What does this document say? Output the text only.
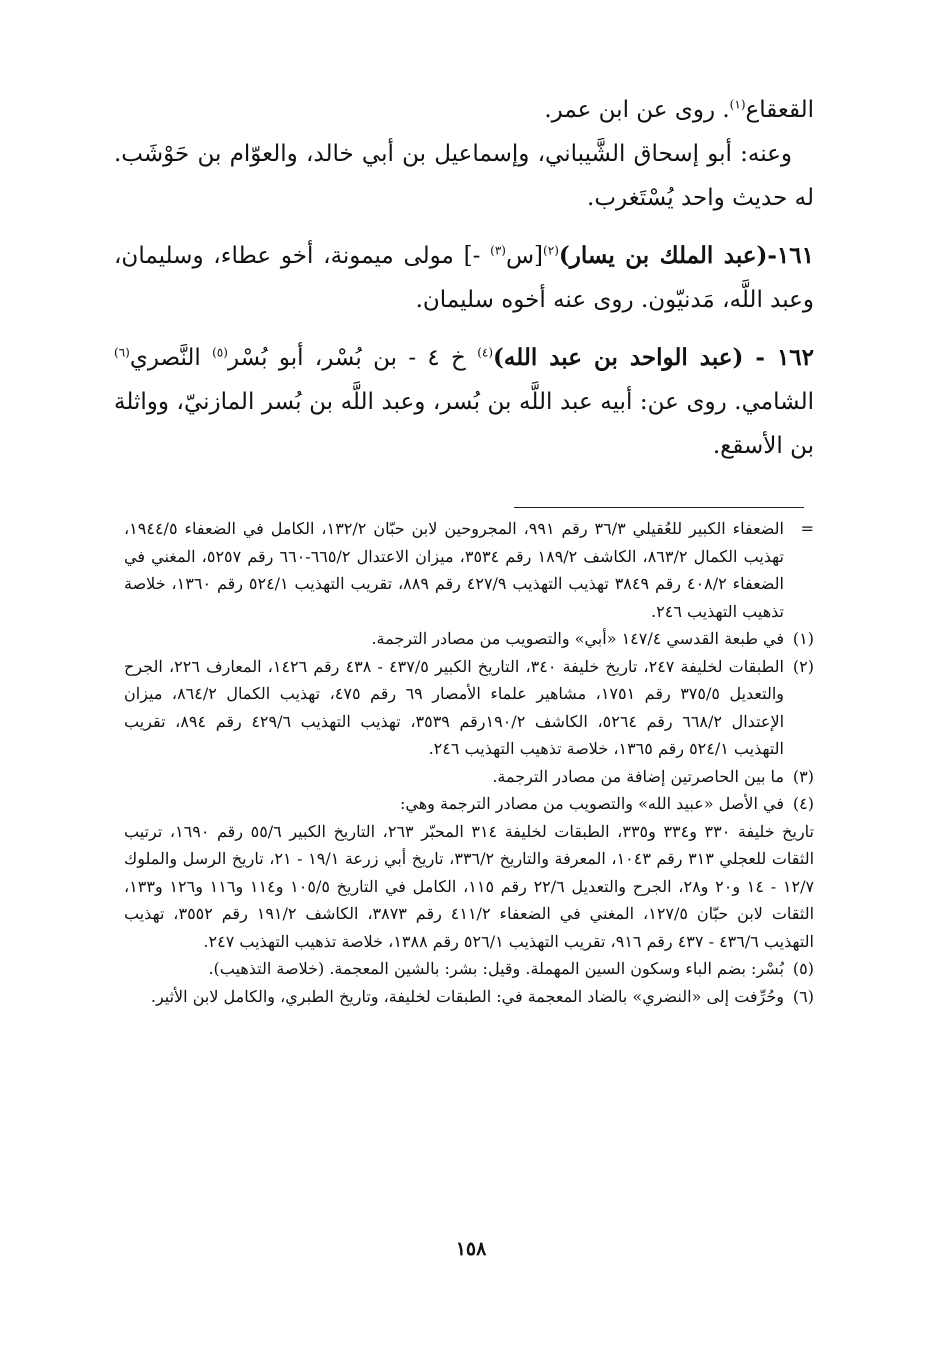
القعقاع$^{(١)}$. روى عن ابن عمر.

وعنه: أبو إسحاق الشَّيباني، وإسماعيل بن أبي خالد، والعوّام بن حَوْشَب. له حديث واحد يُسْتَغرب.

١٦١-(عبد الملك بن يسار)$^{(٢)}$[س$^{(٣)}$ -] مولى ميمونة، أخو عطاء، وسليمان، وعبد اللَّه، مَدنيّون. روى عنه أخوه سليمان.

١٦٢ - (عبد الواحد بن عبد الله)$^{(٤)}$ خ ٤ - بن بُسْر، أبو بُسْر$^{(٥)}$ النَّصري$^{(٦)}$ الشامي. روى عن: أبيه عبد اللَّه بن بُسر، وعبد اللَّه بن بُسر المازنيّ، وواثلة بن الأسقع.

=
الضعفاء الكبير للعُقيلي ٣٦/٣ رقم ٩٩١، المجروحين لابن حبّان ١٣٢/٢، الكامل في الضعفاء ١٩٤٤/٥، تهذيب الكمال ٨٦٣/٢، الكاشف ١٨٩/٢ رقم ٣٥٣٤، ميزان الاعتدال ٦٦٥/٢-٦٦٠ رقم ٥٢٥٧، المغني في الضعفاء ٤٠٨/٢ رقم ٣٨٤٩ تهذيب التهذيب ٤٢٧/٩ رقم ٨٨٩، تقريب التهذيب ٥٢٤/١ رقم ١٣٦٠، خلاصة تذهيب التهذيب ٢٤٦.
(١)
في طبعة القدسي ١٤٧/٤ «أبي» والتصويب من مصادر الترجمة.
(٢)
الطبقات لخليفة ٢٤٧، تاريخ خليفة ٣٤٠، التاريخ الكبير ٤٣٧/٥ - ٤٣٨ رقم ١٤٢٦، المعارف ٢٢٦، الجرح والتعديل ٣٧٥/٥ رقم ١٧٥١، مشاهير علماء الأمصار ٦٩ رقم ٤٧٥، تهذيب الكمال ٨٦٤/٢، ميزان الإعتدال ٦٦٨/٢ رقم ٥٢٦٤، الكاشف ١٩٠/٢رقم ٣٥٣٩، تهذيب التهذيب ٤٢٩/٦ رقم ٨٩٤، تقريب التهذيب ٥٢٤/١ رقم ١٣٦٥، خلاصة تذهيب التهذيب ٢٤٦.
(٣)
ما بين الحاصرتين إضافة من مصادر الترجمة.
(٤)
في الأصل «عبيد الله» والتصويب من مصادر الترجمة وهي:
تاريخ خليفة ٣٣٠ و٣٣٤ و٣٣٥، الطبقات لخليفة ٣١٤ المحبّر ٢٦٣، التاريخ الكبير ٥٥/٦ رقم ١٦٩٠، ترتيب الثقات للعجلي ٣١٣ رقم ١٠٤٣، المعرفة والتاريخ ٣٣٦/٢، تاريخ أبي زرعة ١٩/١ - ٢١، تاريخ الرسل والملوك ١٢/٧ - ١٤ و٢٠ و٢٨، الجرح والتعديل ٢٢/٦ رقم ١١٥، الكامل في التاريخ ١٠٥/٥ و١١٤ و١١٦ و١٢٦ و١٣٣، الثقات لابن حبّان ١٢٧/٥، المغني في الضعفاء ٤١١/٢ رقم ٣٨٧٣، الكاشف ١٩١/٢ رقم ٣٥٥٢، تهذيب التهذيب ٤٣٦/٦ - ٤٣٧ رقم ٩١٦، تقريب التهذيب ٥٢٦/١ رقم ١٣٨٨، خلاصة تذهيب التهذيب ٢٤٧.
(٥)
بُسْر: بضم الباء وسكون السين المهملة. وقيل: بشر: بالشين المعجمة. (خلاصة التذهيب).
(٦)
وحُرِّفت إلى «النضري» بالضاد المعجمة في: الطبقات لخليفة، وتاريخ الطبري، والكامل لابن الأثير.
١٥٨
